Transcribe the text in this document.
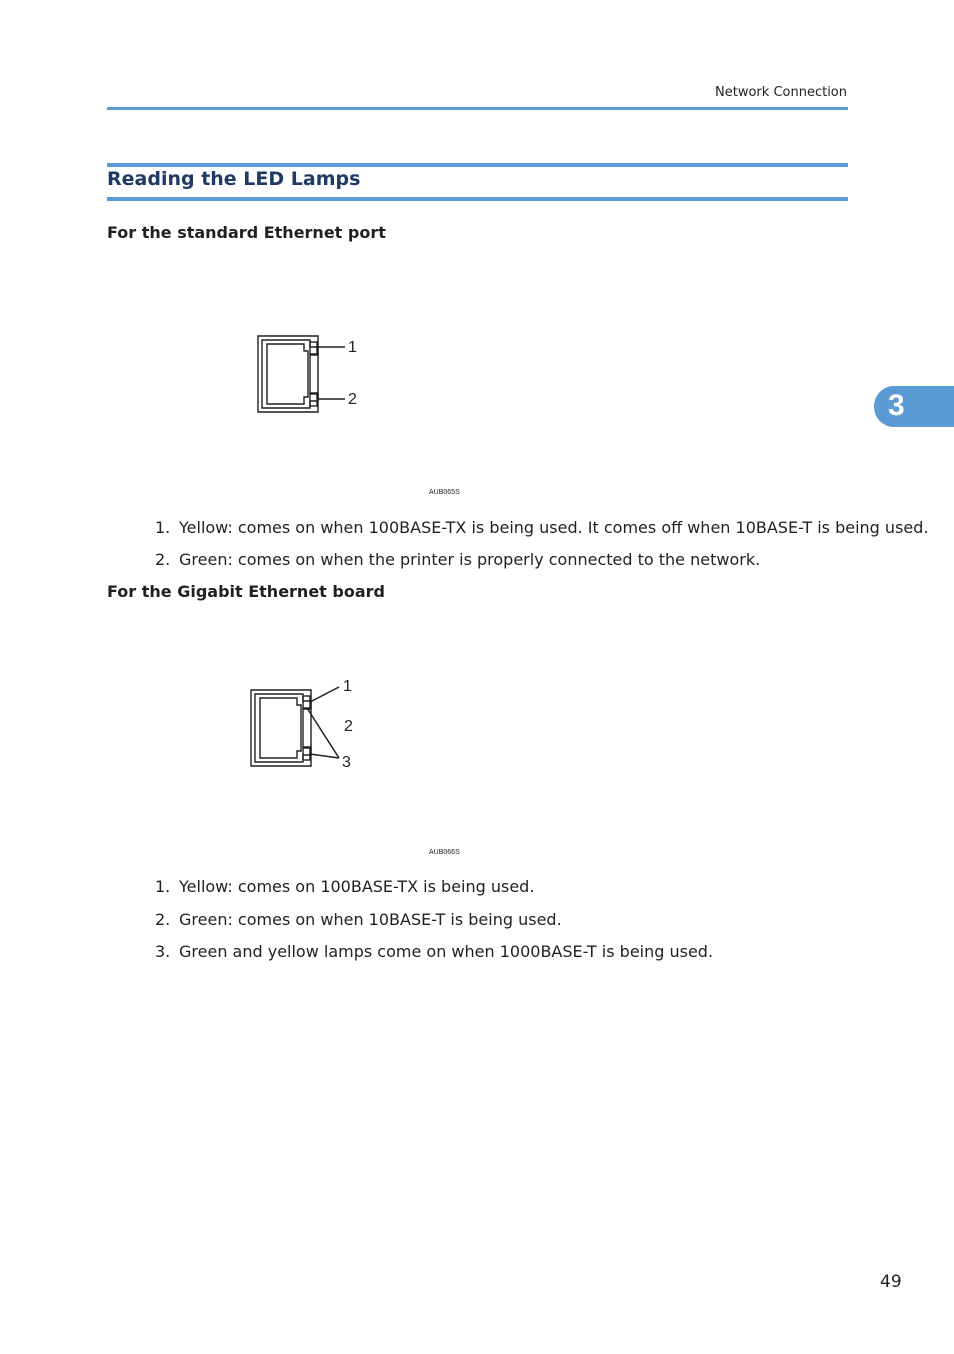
Network Connection
Reading the LED Lamps
For the standard Ethernet port
1
2
AUB065S
1. Yellow: comes on when 100BASE-TX is being used. It comes off when 10BASE-T is being used.
2. Green: comes on when the printer is properly connected to the network.
For the Gigabit Ethernet board
1
2
3
AUB066S
1. Yellow: comes on 100BASE-TX is being used.
2. Green: comes on when 10BASE-T is being used.
3. Green and yellow lamps come on when 1000BASE-T is being used.
3
49
